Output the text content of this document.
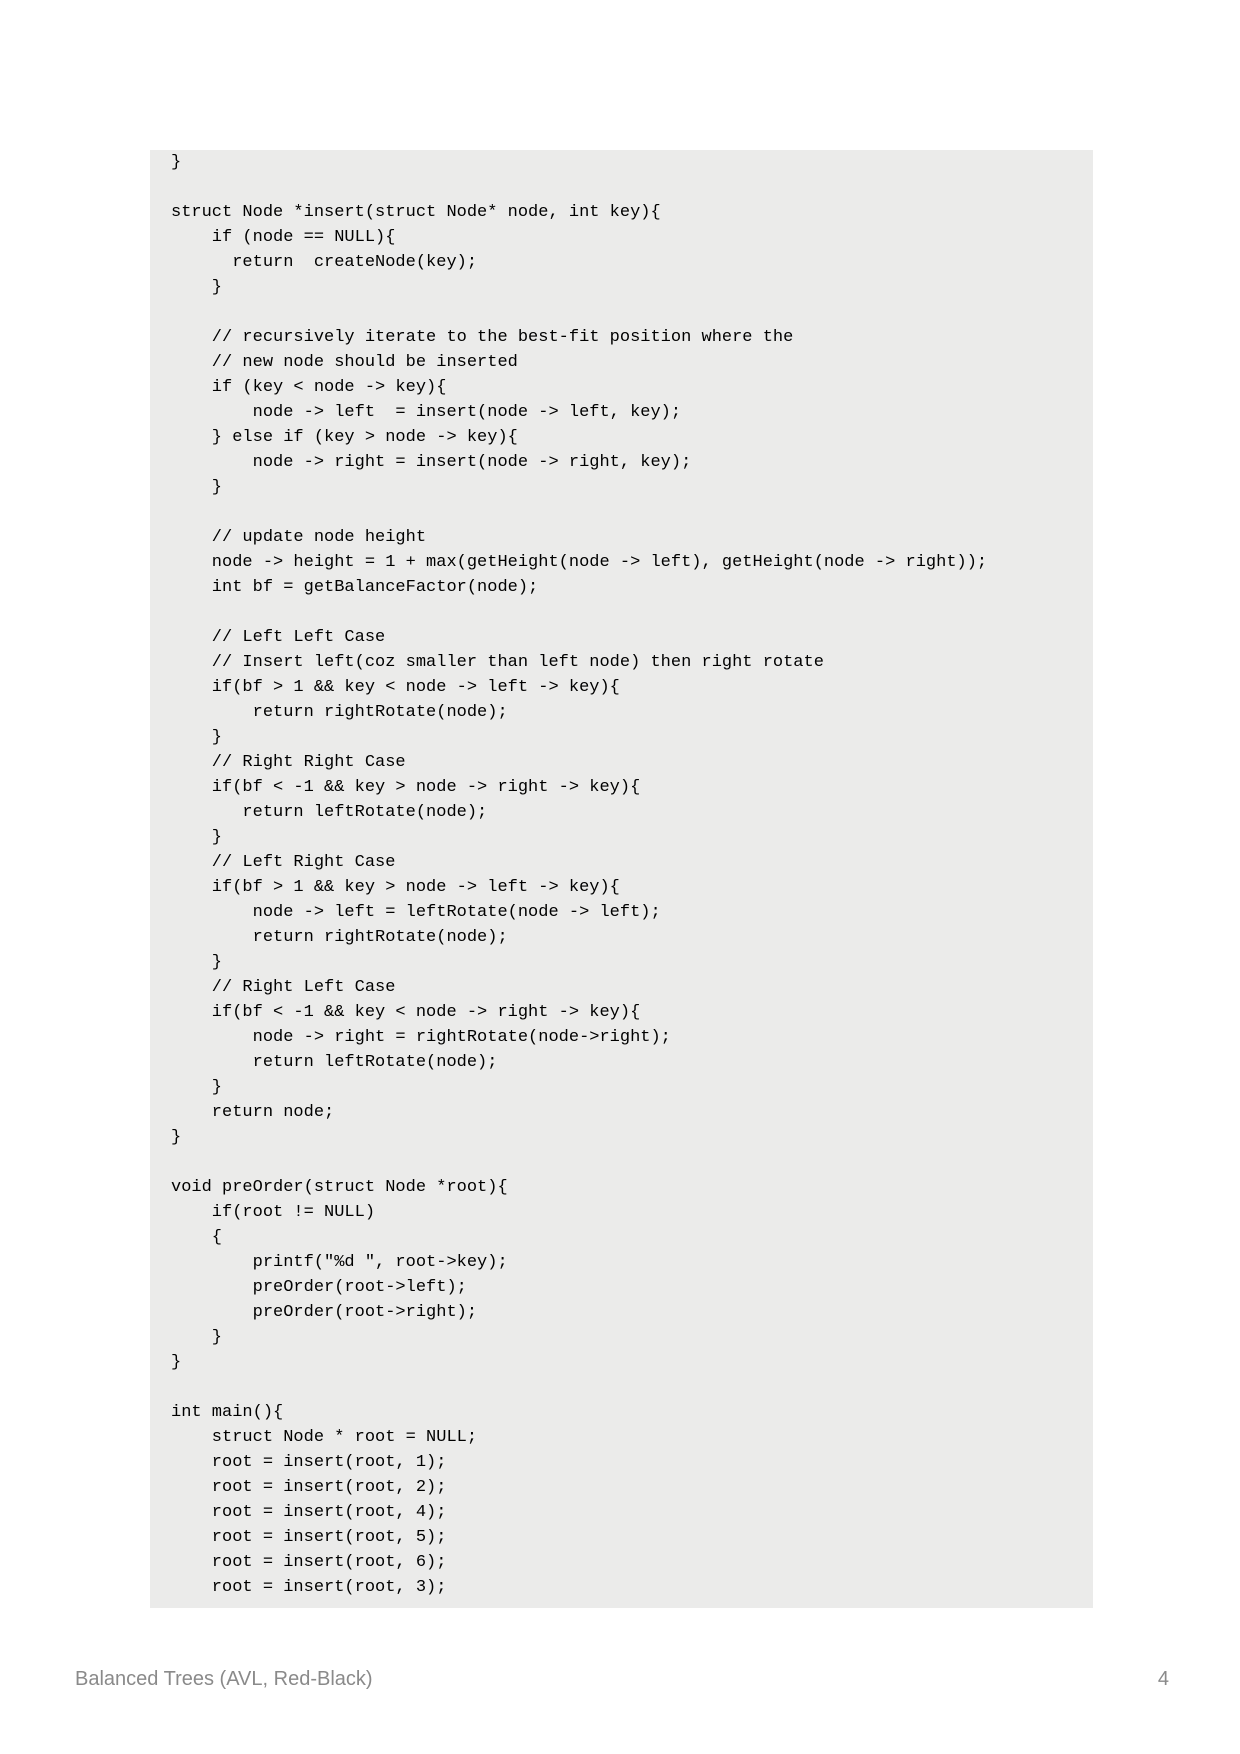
}
struct Node *insert(struct Node* node, int key){
if (node == NULL){
return  createNode(key);
}
// recursively iterate to the best-fit position where the
// new node should be inserted
if (key < node -> key){
node -> left  = insert(node -> left, key);
} else if (key > node -> key){
node -> right = insert(node -> right, key);
}
// update node height
node -> height = 1 + max(getHeight(node -> left), getHeight(node -> right));
int bf = getBalanceFactor(node);
// Left Left Case
// Insert left(coz smaller than left node) then right rotate
if(bf > 1 && key < node -> left -> key){
return rightRotate(node);
}
// Right Right Case
if(bf < -1 && key > node -> right -> key){
return leftRotate(node);
}
// Left Right Case
if(bf > 1 && key > node -> left -> key){
node -> left = leftRotate(node -> left);
return rightRotate(node);
}
// Right Left Case
if(bf < -1 && key < node -> right -> key){
node -> right = rightRotate(node->right);
return leftRotate(node);
}
return node;
}
void preOrder(struct Node *root){
if(root != NULL)
{
printf("%d ", root->key);
preOrder(root->left);
preOrder(root->right);
}
}
int main(){
struct Node * root = NULL;
root = insert(root, 1);
root = insert(root, 2);
root = insert(root, 4);
root = insert(root, 5);
root = insert(root, 6);
root = insert(root, 3);
Balanced Trees (AVL, Red-Black)	4
